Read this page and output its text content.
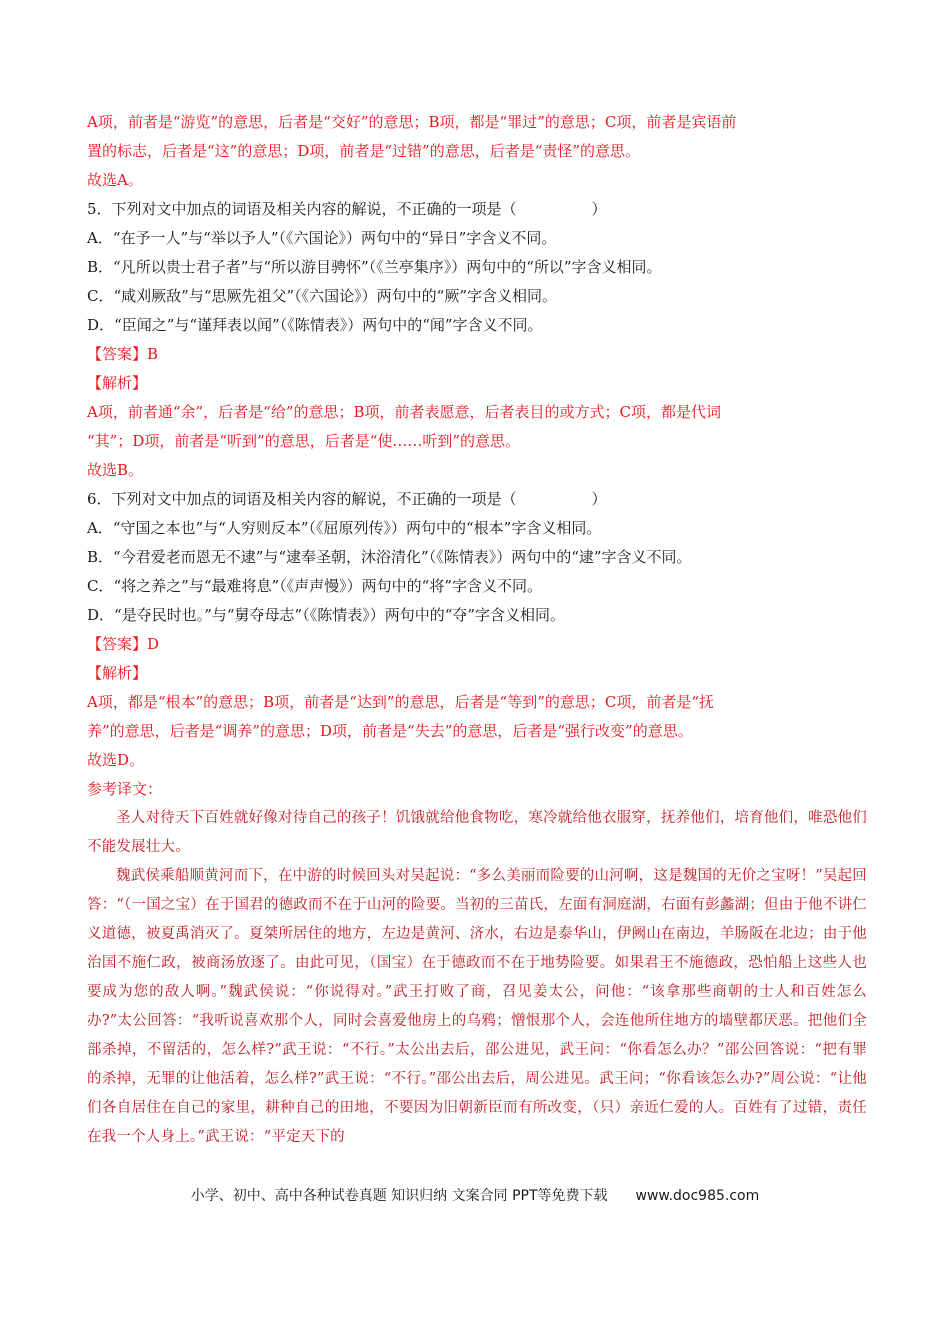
A项，前者是“游览”的意思，后者是“交好”的意思；B项，都是“罪过”的意思；C项，前者是宾语前

置的标志，后者是“这”的意思；D项，前者是“过错”的意思，后者是“责怪”的意思。

故选A。

5．下列对文中加点的词语及相关内容的解说，不正确的一项是（　　　　　）

A．“在予一人”与“举以予人”（《六国论》）两句中的“异日”字含义不同。

B．“凡所以贵士君子者”与“所以游目骋怀”（《兰亭集序》）两句中的“所以”字含义相同。

C．“咸刈厥敌”与“思厥先祖父”（《六国论》）两句中的“厥”字含义相同。

D．“臣闻之”与“谨拜表以闻”（《陈情表》）两句中的“闻”字含义不同。

【答案】B

【解析】

A项，前者通“余”，后者是“给”的意思；B项，前者表愿意，后者表目的或方式；C项，都是代词

“其”；D项，前者是“听到”的意思，后者是“使……听到”的意思。

故选B。

6．下列对文中加点的词语及相关内容的解说，不正确的一项是（　　　　　）

A．“守国之本也”与“人穷则反本”（《屈原列传》）两句中的“根本”字含义相同。

B．“今君爱老而恩无不逮”与“逮奉圣朝，沐浴清化”（《陈情表》）两句中的“逮”字含义不同。

C．“将之养之”与“最难将息”（《声声慢》）两句中的“将”字含义不同。

D．“是夺民时也。”与“舅夺母志”（《陈情表》）两句中的“夺”字含义相同。

【答案】D

【解析】

A项，都是“根本”的意思；B项，前者是“达到”的意思，后者是“等到”的意思；C项，前者是“抚

养”的意思，后者是“调养”的意思；D项，前者是“失去”的意思，后者是“强行改变”的意思。

故选D。

参考译文：

圣人对待天下百姓就好像对待自己的孩子！饥饿就给他食物吃，寒冷就给他衣服穿，抚养他们，培育他们，唯恐他们不能发展壮大。

魏武侯乘船顺黄河而下，在中游的时候回头对吴起说：“多么美丽而险要的山河啊，这是魏国的无价之宝呀！”吴起回答：“（一国之宝）在于国君的德政而不在于山河的险要。当初的三苗氏，左面有洞庭湖，右面有彭蠡湖；但由于他不讲仁义道德，被夏禹消灭了。夏桀所居住的地方，左边是黄河、济水，右边是泰华山，伊阙山在南边，羊肠阪在北边；由于他治国不施仁政，被商汤放逐了。由此可见，（国宝）在于德政而不在于地势险要。如果君王不施德政，恐怕船上这些人也要成为您的敌人啊。”魏武侯说：“你说得对。”武王打败了商，召见姜太公，问他：“该拿那些商朝的士人和百姓怎么办?”太公回答：“我听说喜欢那个人，同时会喜爱他房上的乌鸦；憎恨那个人，会连他所住地方的墙壁都厌恶。把他们全部杀掉，不留活的，怎么样?”武王说：“不行。”太公出去后，邵公进见，武王问：“你看怎么办？”邵公回答说：“把有罪的杀掉，无罪的让他活着，怎么样?”武王说：“不行。”邵公出去后，周公进见。武王问；“你看该怎么办?”周公说：“让他们各自居住在自己的家里，耕种自己的田地，不要因为旧朝新臣而有所改变，（只）亲近仁爱的人。百姓有了过错，责任在我一个人身上。”武王说：“平定天下的

小学、初中、高中各种试卷真题 知识归纳 文案合同 PPT等免费下载 www.doc985.com
